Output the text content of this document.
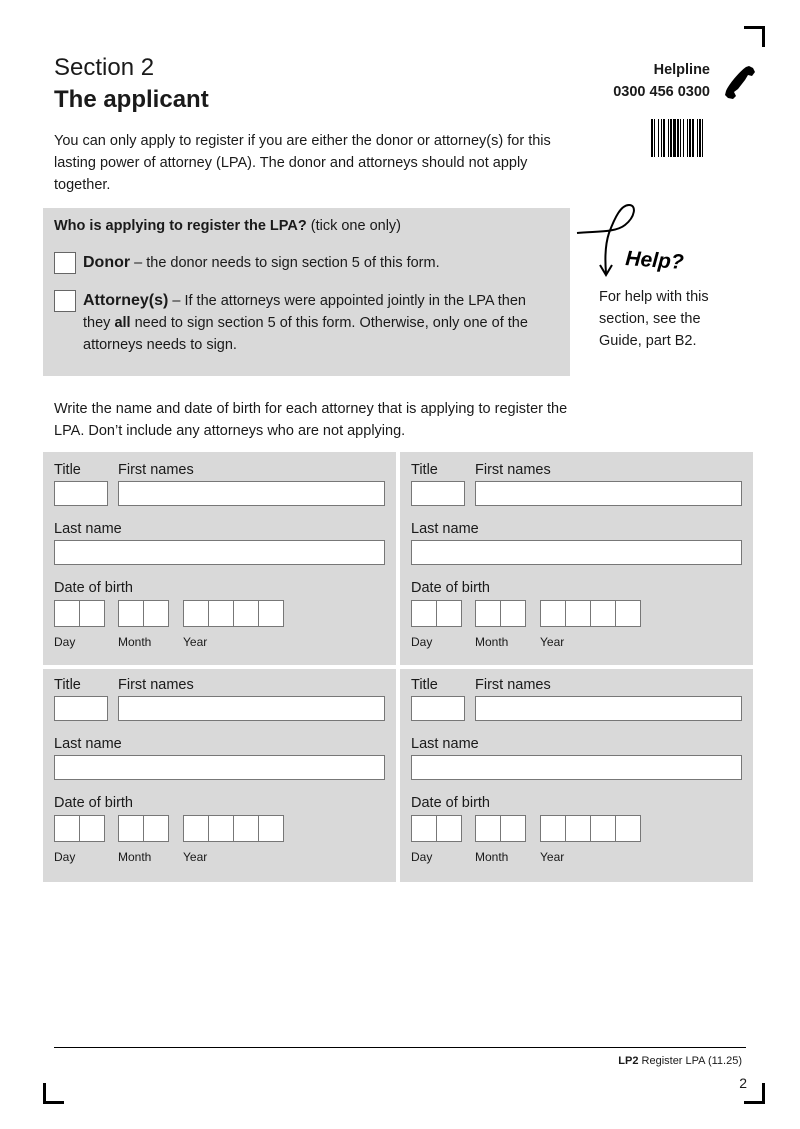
Section 2
The applicant
Helpline
0300 456 0300
You can only apply to register if you are either the donor or attorney(s) for this lasting power of attorney (LPA). The donor and attorneys should not apply together.
Who is applying to register the LPA? (tick one only)
Donor – the donor needs to sign section 5 of this form.
Attorney(s) – If the attorneys were appointed jointly in the LPA then they all need to sign section 5 of this form. Otherwise, only one of the attorneys needs to sign.
Help?
For help with this section, see the Guide, part B2.
Write the name and date of birth for each attorney that is applying to register the LPA. Don’t include any attorneys who are not applying.
Title	First names
Last name
Date of birth
Day	Month	Year
Title	First names
Last name
Date of birth
Day	Month	Year
Title	First names
Last name
Date of birth
Day	Month	Year
Title	First names
Last name
Date of birth
Day	Month	Year
LP2 Register LPA (11.25)
2
